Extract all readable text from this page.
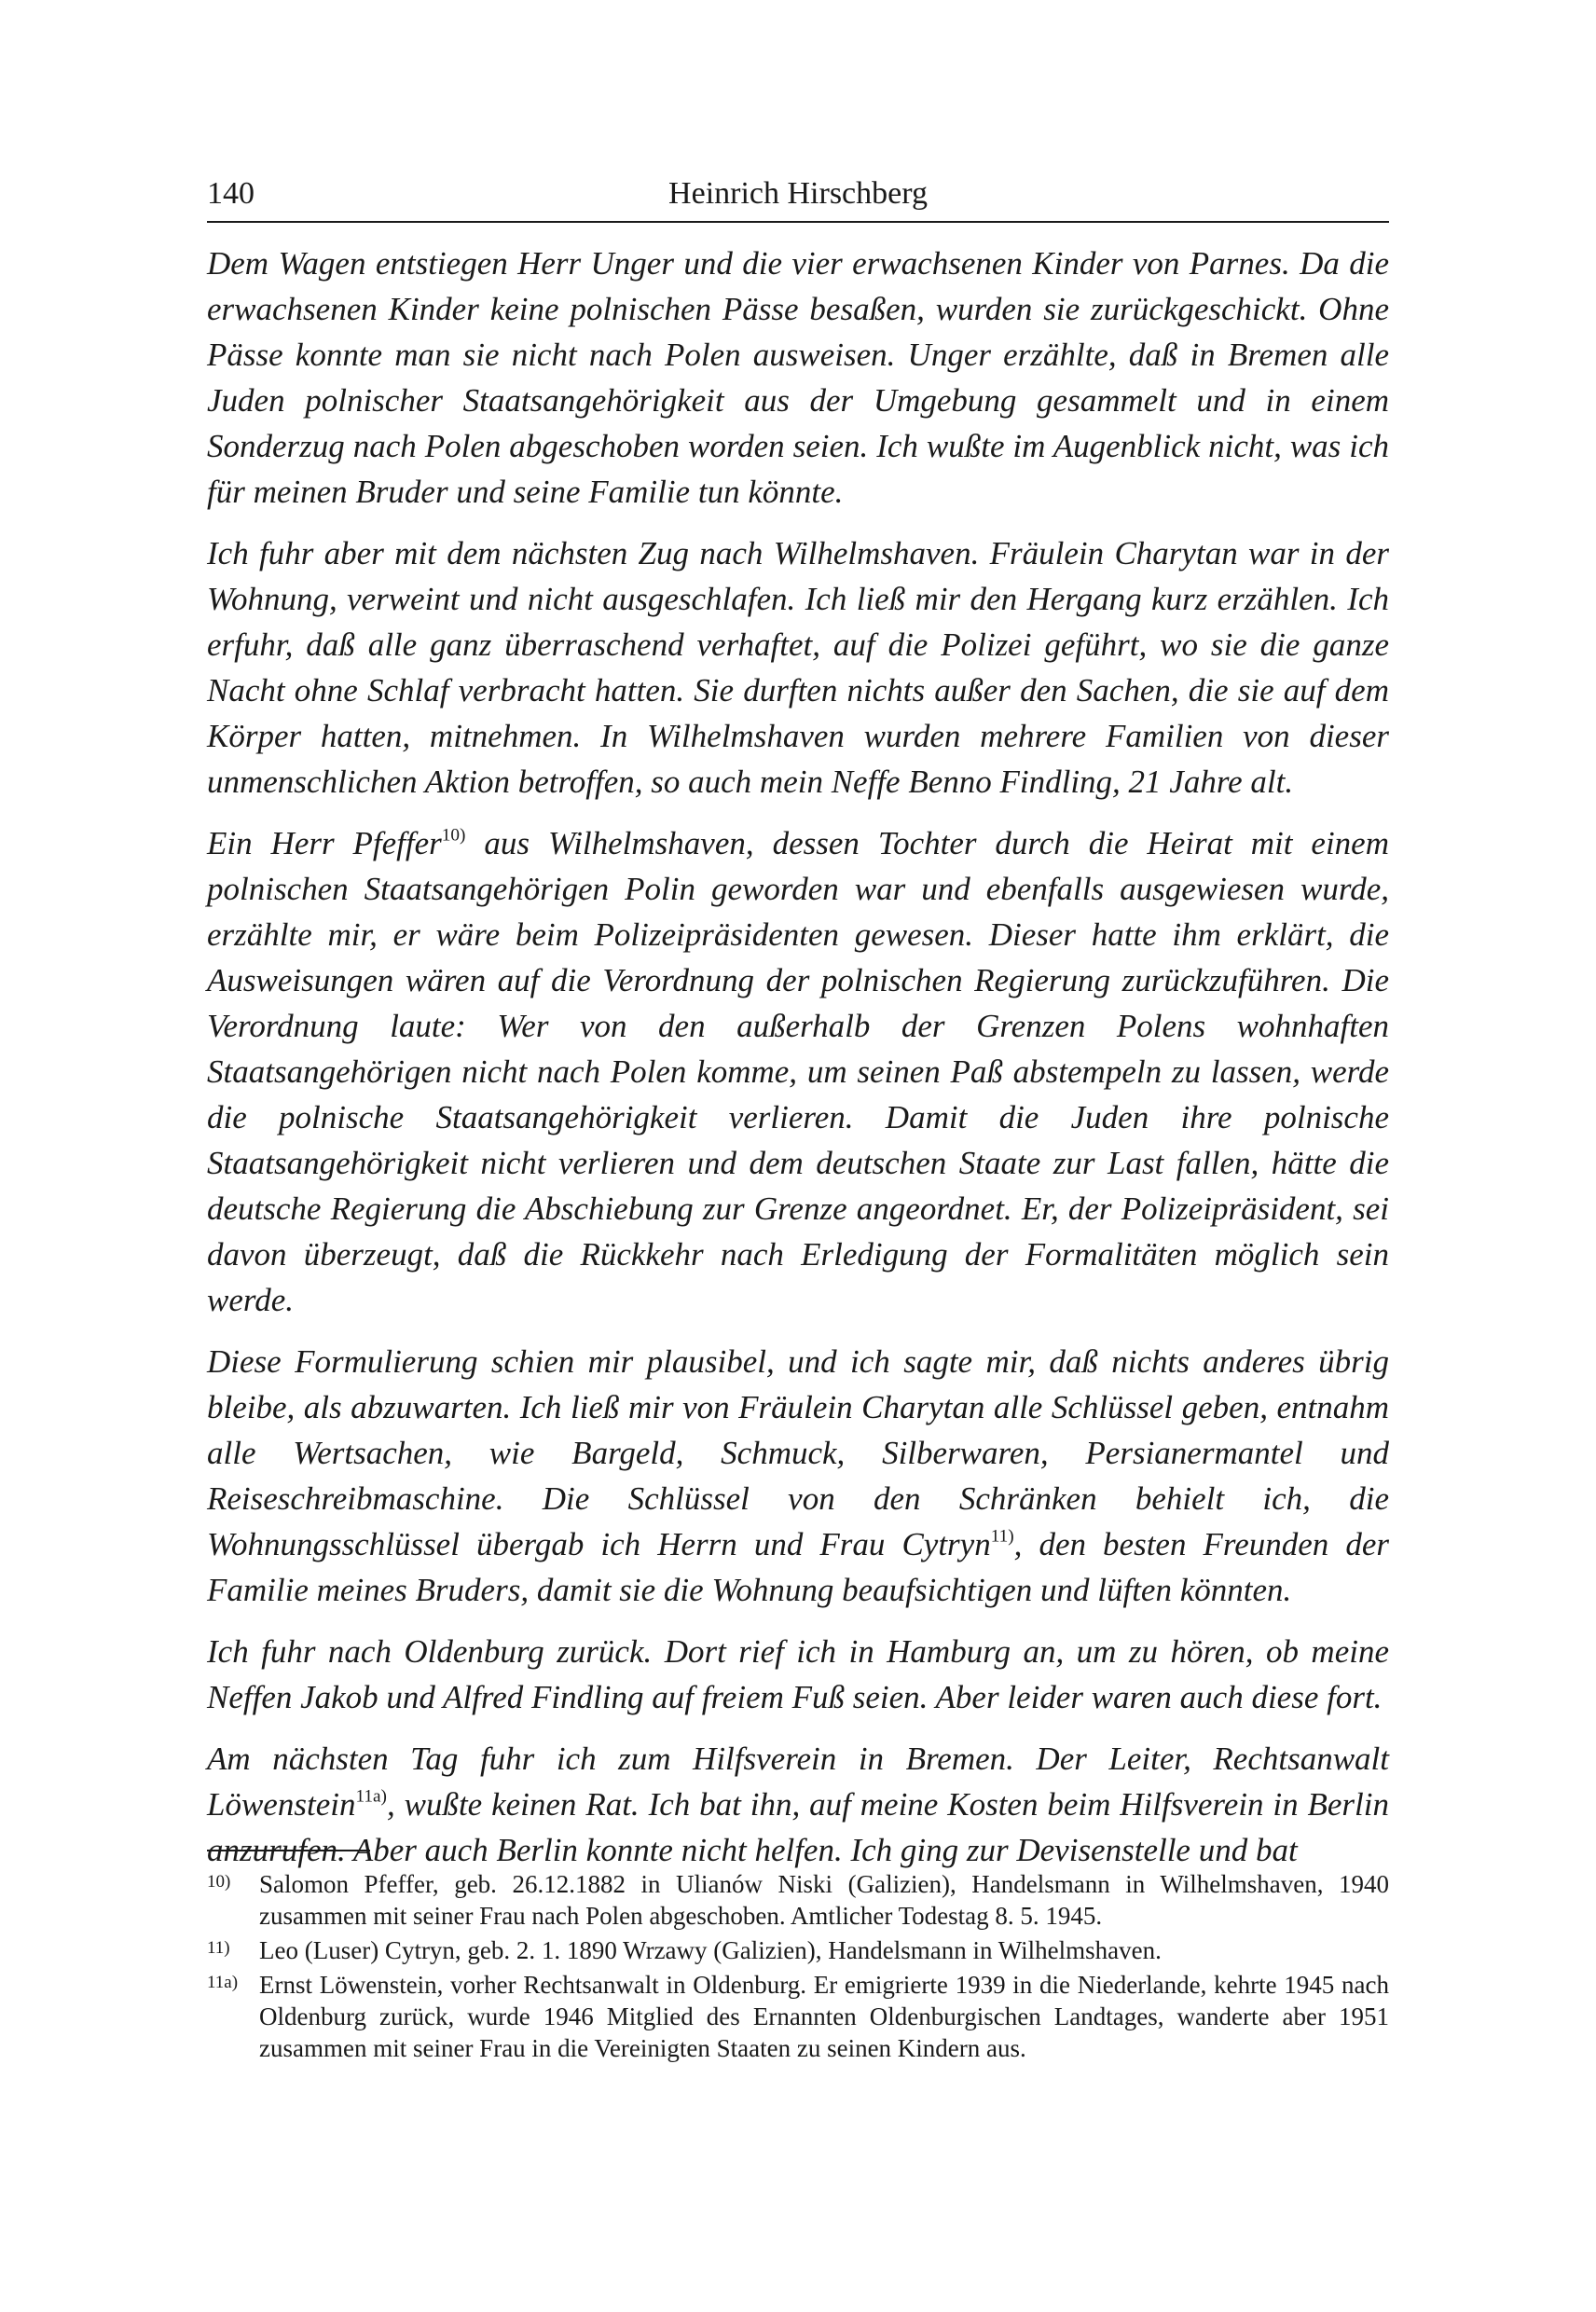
140	Heinrich Hirschberg

Dem Wagen entstiegen Herr Unger und die vier erwachsenen Kinder von Parnes. Da die erwachsenen Kinder keine polnischen Pässe besaßen, wurden sie zurückgeschickt. Ohne Pässe konnte man sie nicht nach Polen ausweisen. Unger erzählte, daß in Bremen alle Juden polnischer Staatsangehörigkeit aus der Umgebung gesammelt und in einem Sonderzug nach Polen abgeschoben worden seien. Ich wußte im Augenblick nicht, was ich für meinen Bruder und seine Familie tun könnte.

Ich fuhr aber mit dem nächsten Zug nach Wilhelmshaven. Fräulein Charytan war in der Wohnung, verweint und nicht ausgeschlafen. Ich ließ mir den Hergang kurz erzählen. Ich erfuhr, daß alle ganz überraschend verhaftet, auf die Polizei geführt, wo sie die ganze Nacht ohne Schlaf verbracht hatten. Sie durften nichts außer den Sachen, die sie auf dem Körper hatten, mitnehmen. In Wilhelmshaven wurden mehrere Familien von dieser unmenschlichen Aktion betroffen, so auch mein Neffe Benno Findling, 21 Jahre alt.

Ein Herr Pfeffer$^{10)}$ aus Wilhelmshaven, dessen Tochter durch die Heirat mit einem polnischen Staatsangehörigen Polin geworden war und ebenfalls ausgewiesen wurde, erzählte mir, er wäre beim Polizeipräsidenten gewesen. Dieser hatte ihm erklärt, die Ausweisungen wären auf die Verordnung der polnischen Regierung zurückzuführen. Die Verordnung laute: Wer von den außerhalb der Grenzen Polens wohnhaften Staatsangehörigen nicht nach Polen komme, um seinen Paß abstempeln zu lassen, werde die polnische Staatsangehörigkeit verlieren. Damit die Juden ihre polnische Staatsangehörigkeit nicht verlieren und dem deutschen Staate zur Last fallen, hätte die deutsche Regierung die Abschiebung zur Grenze angeordnet. Er, der Polizeipräsident, sei davon überzeugt, daß die Rückkehr nach Erledigung der Formalitäten möglich sein werde.

Diese Formulierung schien mir plausibel, und ich sagte mir, daß nichts anderes übrig bleibe, als abzuwarten. Ich ließ mir von Fräulein Charytan alle Schlüssel geben, entnahm alle Wertsachen, wie Bargeld, Schmuck, Silberwaren, Persianermantel und Reiseschreibmaschine. Die Schlüssel von den Schränken behielt ich, die Wohnungsschlüssel übergab ich Herrn und Frau Cytryn$^{11)}$, den besten Freunden der Familie meines Bruders, damit sie die Wohnung beaufsichtigen und lüften könnten.

Ich fuhr nach Oldenburg zurück. Dort rief ich in Hamburg an, um zu hören, ob meine Neffen Jakob und Alfred Findling auf freiem Fuß seien. Aber leider waren auch diese fort.

Am nächsten Tag fuhr ich zum Hilfsverein in Bremen. Der Leiter, Rechtsanwalt Löwenstein$^{11a)}$, wußte keinen Rat. Ich bat ihn, auf meine Kosten beim Hilfsverein in Berlin anzurufen. Aber auch Berlin konnte nicht helfen. Ich ging zur Devisenstelle und bat

10)	Salomon Pfeffer, geb. 26.12.1882 in Ulianów Niski (Galizien), Handelsmann in Wilhelmshaven, 1940 zusammen mit seiner Frau nach Polen abgeschoben. Amtlicher Todestag 8. 5. 1945.
11)	Leo (Luser) Cytryn, geb. 2. 1. 1890 Wrzawy (Galizien), Handelsmann in Wilhelmshaven.
11a) Ernst Löwenstein, vorher Rechtsanwalt in Oldenburg. Er emigrierte 1939 in die Niederlande, kehrte 1945 nach Oldenburg zurück, wurde 1946 Mitglied des Ernannten Oldenburgischen Landtages, wanderte aber 1951 zusammen mit seiner Frau in die Vereinigten Staaten zu seinen Kindern aus.
